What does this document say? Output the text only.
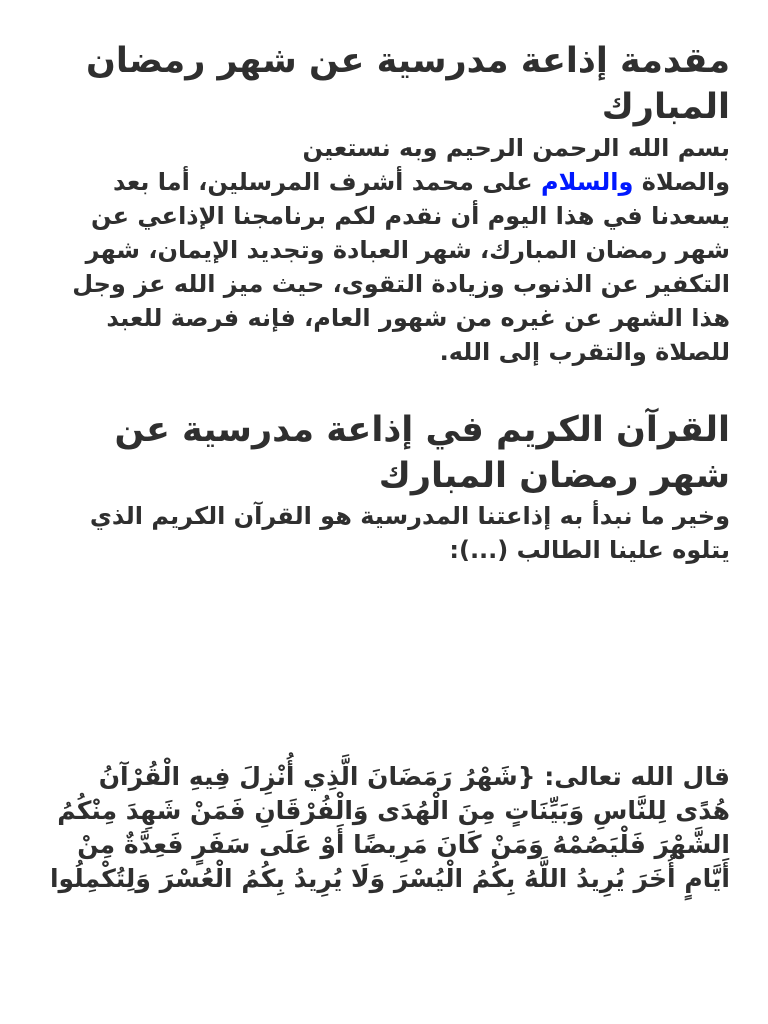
مقدمة إذاعة مدرسية عن شهر رمضان المبارك

بسم الله الرحمن الرحيم وبه نستعين
والصلاة والسلام على محمد أشرف المرسلين، أما بعد يسعدنا في هذا اليوم أن نقدم لكم برنامجنا الإذاعي عن شهر رمضان المبارك، شهر العبادة وتجديد الإيمان، شهر التكفير عن الذنوب وزيادة التقوى، حيث ميز الله عز وجل هذا الشهر عن غيره من شهور العام، فإنه فرصة للعبد للصلاة والتقرب إلى الله.

القرآن الكريم في إذاعة مدرسية عن شهر رمضان المبارك

وخير ما نبدأ به إذاعتنا المدرسية هو القرآن الكريم الذي يتلوه علينا الطالب (...):

قال الله تعالى: {شَهْرُ رَمَضَانَ الَّذِي أُنْزِلَ فِيهِ الْقُرْآنُ هُدًى لِلنَّاسِ وَبَيِّنَاتٍ مِنَ الْهُدَى وَالْفُرْقَانِ فَمَنْ شَهِدَ مِنْكُمُ الشَّهْرَ فَلْيَصُمْهُ وَمَنْ كَانَ مَرِيضًا أَوْ عَلَى سَفَرٍ فَعِدَّةٌ مِنْ أَيَّامٍ أُخَرَ يُرِيدُ اللَّهُ بِكُمُ الْيُسْرَ وَلَا يُرِيدُ بِكُمُ الْعُسْرَ وَلِتُكْمِلُوا
